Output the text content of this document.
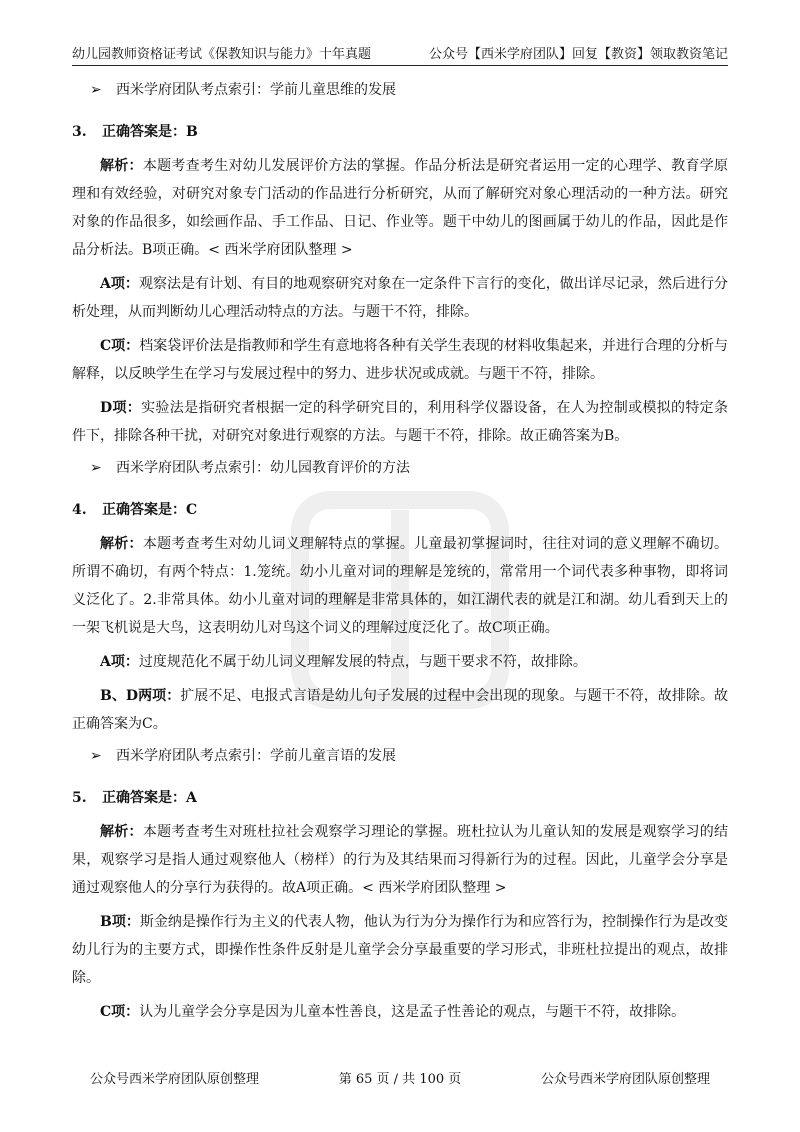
幼儿园教师资格证考试《保教知识与能力》十年真题	公众号【西米学府团队】回复【教资】领取教资笔记
➢ 西米学府团队考点索引：学前儿童思维的发展
3. 正确答案是：B

解析：本题考查考生对幼儿发展评价方法的掌握。作品分析法是研究者运用一定的心理学、教育学原理和有效经验，对研究对象专门活动的作品进行分析研究，从而了解研究对象心理活动的一种方法。研究对象的作品很多，如绘画作品、手工作品、日记、作业等。题干中幼儿的图画属于幼儿的作品，因此是作品分析法。B项正确。< 西米学府团队整理 >

A项：观察法是有计划、有目的地观察研究对象在一定条件下言行的变化，做出详尽记录，然后进行分析处理，从而判断幼儿心理活动特点的方法。与题干不符，排除。

C项：档案袋评价法是指教师和学生有意地将各种有关学生表现的材料收集起来，并进行合理的分析与解释，以反映学生在学习与发展过程中的努力、进步状况或成就。与题干不符，排除。

D项：实验法是指研究者根据一定的科学研究目的，利用科学仪器设备，在人为控制或模拟的特定条件下，排除各种干扰，对研究对象进行观察的方法。与题干不符，排除。故正确答案为B。

➢ 西米学府团队考点索引：幼儿园教育评价的方法
4. 正确答案是：C

解析：本题考查考生对幼儿词义理解特点的掌握。儿童最初掌握词时，往往对词的意义理解不确切。所谓不确切，有两个特点：1.笼统。幼小儿童对词的理解是笼统的，常常用一个词代表多种事物，即将词义泛化了。2.非常具体。幼小儿童对词的理解是非常具体的，如江湖代表的就是江和湖。幼儿看到天上的一架飞机说是大鸟，这表明幼儿对鸟这个词义的理解过度泛化了。故C项正确。

A项：过度规范化不属于幼儿词义理解发展的特点，与题干要求不符，故排除。

B、D两项：扩展不足、电报式言语是幼儿句子发展的过程中会出现的现象。与题干不符，故排除。故正确答案为C。

➢ 西米学府团队考点索引：学前儿童言语的发展
5. 正确答案是：A

解析：本题考查考生对班杜拉社会观察学习理论的掌握。班杜拉认为儿童认知的发展是观察学习的结果，观察学习是指人通过观察他人（榜样）的行为及其结果而习得新行为的过程。因此，儿童学会分享是通过观察他人的分享行为获得的。故A项正确。< 西米学府团队整理 >

B项：斯金纳是操作行为主义的代表人物，他认为行为分为操作行为和应答行为，控制操作行为是改变幼儿行为的主要方式，即操作性条件反射是儿童学会分享最重要的学习形式，非班杜拉提出的观点，故排除。

C项：认为儿童学会分享是因为儿童本性善良，这是孟子性善论的观点，与题干不符，故排除。

公众号西米学府团队原创整理	第 65 页 / 共 100 页	公众号西米学府团队原创整理
